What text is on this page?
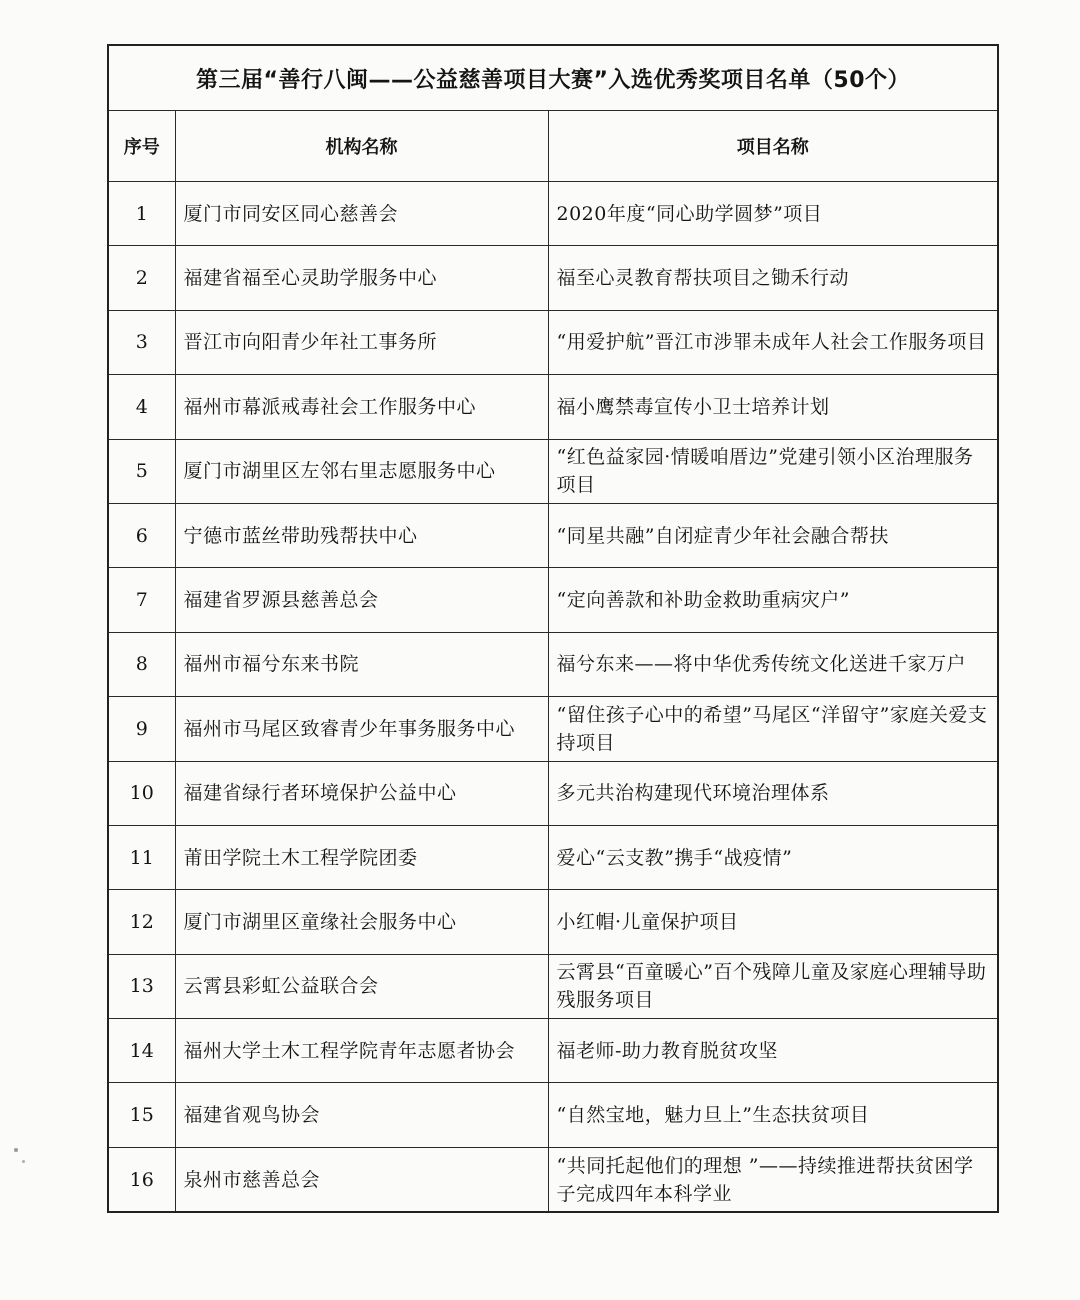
第三届“善行八闽——公益慈善项目大赛”入选优秀奖项目名单（50个）		
序号	机构名称	项目名称
1	厦门市同安区同心慈善会	2020年度“同心助学圆梦”项目
2	福建省福至心灵助学服务中心	福至心灵教育帮扶项目之锄禾行动
3	晋江市向阳青少年社工事务所	“用爱护航”晋江市涉罪未成年人社会工作服务项目
4	福州市幕派戒毒社会工作服务中心	福小鹰禁毒宣传小卫士培养计划
5	厦门市湖里区左邻右里志愿服务中心	“红色益家园·情暖咱厝边”党建引领小区治理服务项目
6	宁德市蓝丝带助残帮扶中心	“同星共融”自闭症青少年社会融合帮扶
7	福建省罗源县慈善总会	“定向善款和补助金救助重病灾户”
8	福州市福兮东来书院	福兮东来——将中华优秀传统文化送进千家万户
9	福州市马尾区致睿青少年事务服务中心	“留住孩子心中的希望”马尾区“洋留守”家庭关爱支持项目
10	福建省绿行者环境保护公益中心	多元共治构建现代环境治理体系
11	莆田学院土木工程学院团委	爱心“云支教”携手“战疫情”
12	厦门市湖里区童缘社会服务中心	小红帽·儿童保护项目
13	云霄县彩虹公益联合会	云霄县“百童暖心”百个残障儿童及家庭心理辅导助残服务项目
14	福州大学土木工程学院青年志愿者协会	福老师-助力教育脱贫攻坚
15	福建省观鸟协会	“自然宝地，魅力旦上”生态扶贫项目
16	泉州市慈善总会	“共同托起他们的理想 ”——持续推进帮扶贫困学子完成四年本科学业
